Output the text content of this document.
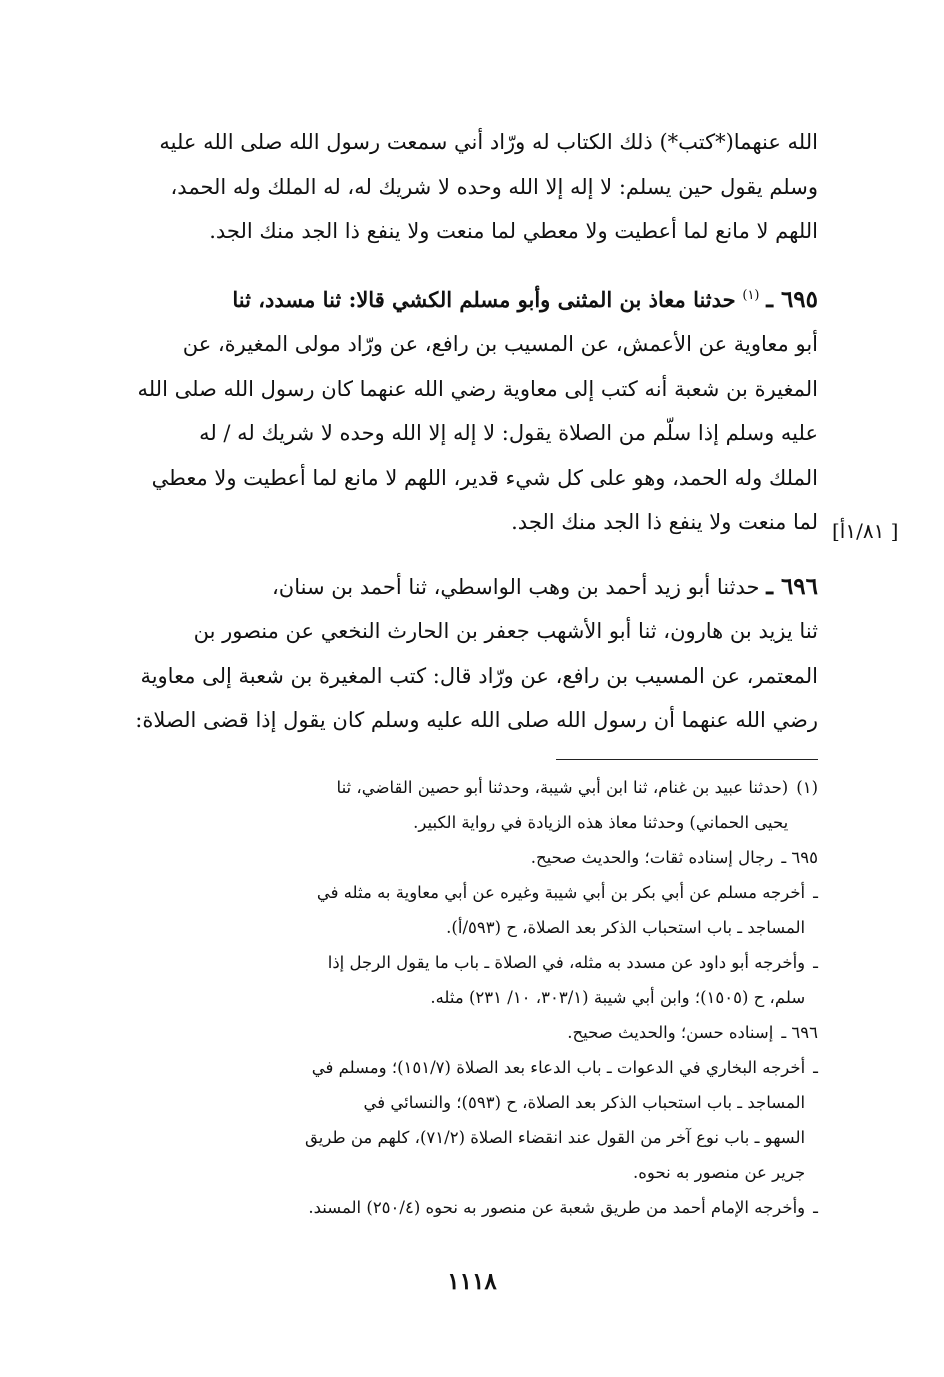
الله عنهما(*كتب*) ذلك الكتاب له ورّاد أني سمعت رسول الله صلى الله عليه
وسلم يقول حين يسلم: لا إله إلا الله وحده لا شريك له، له الملك وله الحمد،
اللهم لا مانع لما أعطيت ولا معطي لما منعت ولا ينفع ذا الجد منك الجد.

٦٩٥ ـ $^{(١)}$ حدثنا معاذ بن المثنى وأبو مسلم الكشي قالا: ثنا مسدد، ثنا
أبو معاوية عن الأعمش، عن المسيب بن رافع، عن ورّاد مولى المغيرة، عن
المغيرة بن شعبة أنه كتب إلى معاوية رضي الله عنهما كان رسول الله صلى الله
عليه وسلم إذا سلّم من الصلاة يقول: لا إله إلا الله وحده لا شريك له / له
الملك وله الحمد، وهو على كل شيء قدير، اللهم لا مانع لما أعطيت ولا معطي
لما منعت ولا ينفع ذا الجد منك الجد.

٦٩٦ ـ حدثنا أبو زيد أحمد بن وهب الواسطي، ثنا أحمد بن سنان،
ثنا يزيد بن هارون، ثنا أبو الأشهب جعفر بن الحارث النخعي عن منصور بن
المعتمر، عن المسيب بن رافع، عن ورّاد قال: كتب المغيرة بن شعبة إلى معاوية
رضي الله عنهما أن رسول الله صلى الله عليه وسلم كان يقول إذا قضى الصلاة:

[ ١/٨١أ]
(١)
(حدثنا عبيد بن غنام، ثنا ابن أبي شيبة، وحدثنا أبو حصين القاضي، ثنا
يحيى الحماني) وحدثنا معاذ هذه الزيادة في رواية الكبير.
٦٩٥ ـ
رجال إسناده ثقات؛ والحديث صحيح.
ـ
أخرجه مسلم عن أبي بكر بن أبي شيبة وغيره عن أبي معاوية به مثله في
المساجد ـ باب استحباب الذكر بعد الصلاة، ح (٥٩٣/أ).
ـ
وأخرجه أبو داود عن مسدد به مثله، في الصلاة ـ باب ما يقول الرجل إذا
سلم، ح (١٥٠٥)؛ وابن أبي شيبة (٣٠٣/١، ١٠/ ٢٣١) مثله.
٦٩٦ ـ
إسناده حسن؛ والحديث صحيح.
ـ
أخرجه البخاري في الدعوات ـ باب الدعاء بعد الصلاة (١٥١/٧)؛ ومسلم في
المساجد ـ باب استحباب الذكر بعد الصلاة، ح (٥٩٣)؛ والنسائي في
السهو ـ باب نوع آخر من القول عند انقضاء الصلاة (٧١/٢)، كلهم من طريق
جرير عن منصور به نحوه.
ـ
وأخرجه الإمام أحمد من طريق شعبة عن منصور به نحوه (٢٥٠/٤) المسند.
١١١٨
